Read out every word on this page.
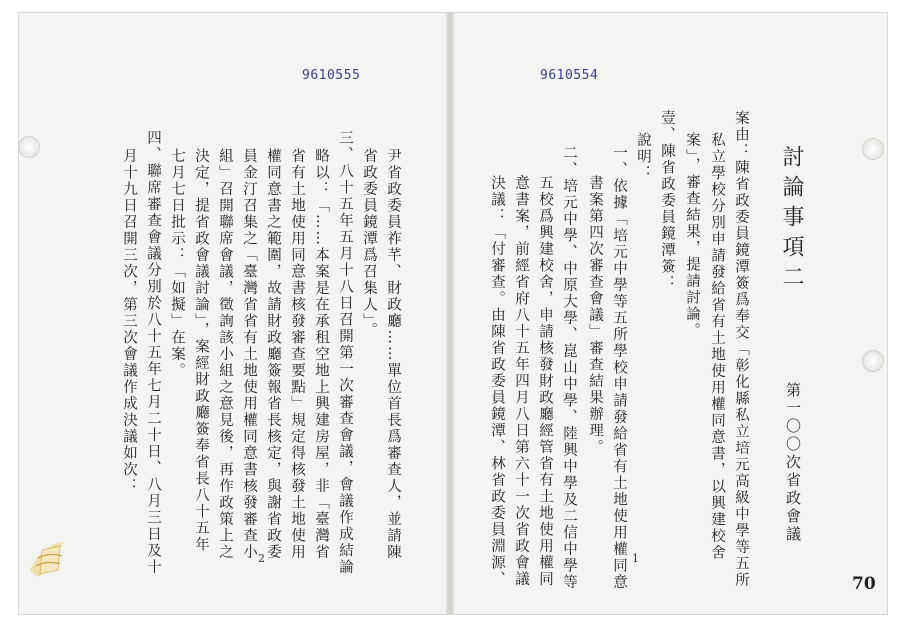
9610555	9610554
討論事項二
第一〇〇次省政會議
案由：陳省政委員鏡潭簽爲奉交「彰化縣私立培元高級中學等五所
私立學校分別申請發給省有土地使用權同意書，以興建校舍
案」，審查結果，提請討論。
壹、陳省政委員鏡潭簽：
說明：
一、依據「培元中學等五所學校申請發給省有土地使用權同意
書案第四次審查會議」審查結果辦理。
二、培元中學、中原大學、崑山中學、陸興中學及二信中學等
五校爲興建校舍，申請核發財政廳經管省有土地使用權同
意書案，前經省府八十五年四月八日第六十一次省政會議
決議：「付審查。由陳省政委員鏡潭、林省政委員淵源、	1
尹省政委員祚芊、財政廳……單位首長爲審查人，並請陳
省政委員鏡潭爲召集人」。
三、八十五年五月十八日召開第一次審查會議，會議作成結論
略以：「……本案是在承租空地上興建房屋，非「臺灣省
省有土地使用同意書核發審查要點」規定得核發土地使用
權同意書之範圍，故請財政廳簽報省長核定，與謝省政委
員金汀召集之「臺灣省省有土地使用權同意書核發審查小
組」召開聯席會議，徵詢該小組之意見後，再作政策上之
決定，提省政會議討論」，案經財政廳簽奉省長八十五年
七月七日批示：「如擬」在案。
四、聯席審查會議分別於八十五年七月二十日、八月三日及十
月十九日召開三次，第三次會議作成決議如次：
2
70
